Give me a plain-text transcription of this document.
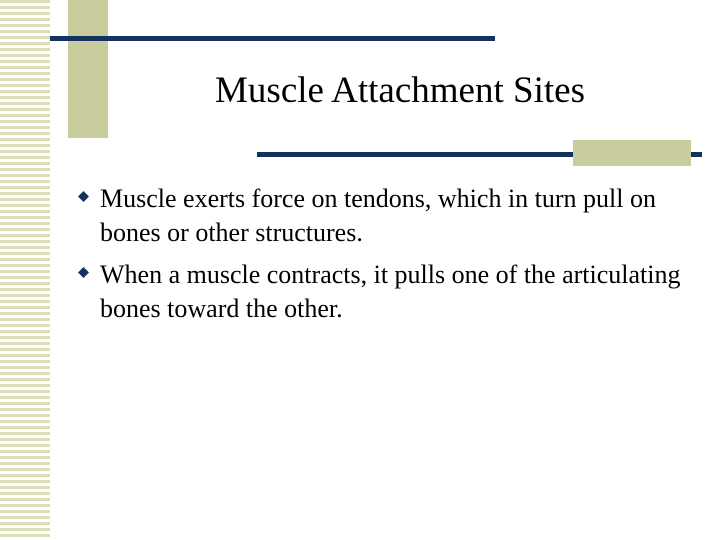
Muscle Attachment Sites
Muscle exerts force on tendons, which in turn pull on bones or other structures.
When a muscle contracts, it pulls one of the articulating bones toward the other.
